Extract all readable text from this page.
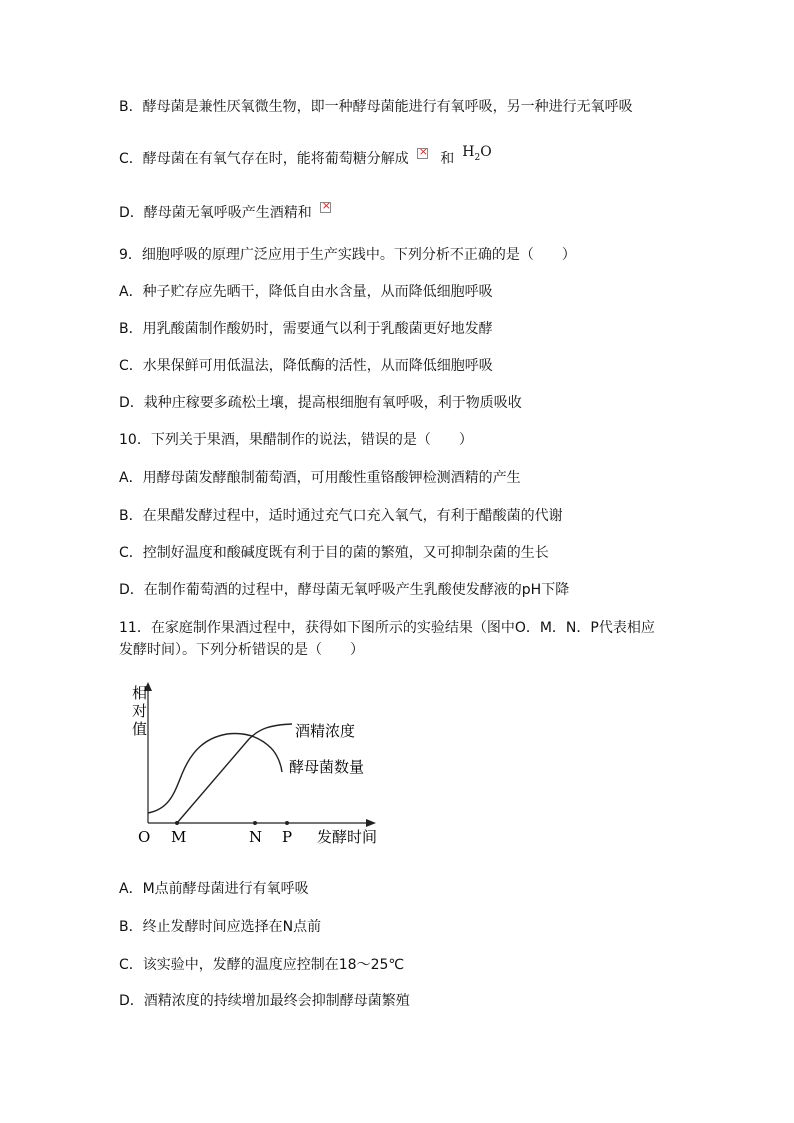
B．酵母菌是兼性厌氧微生物，即一种酵母菌能进行有氧呼吸，另一种进行无氧呼吸
C．酵母菌在有氧气存在时，能将葡萄糖分解成× 和 $H_2O$
D．酵母菌无氧呼吸产生酒精和×
9．细胞呼吸的原理广泛应用于生产实践中。下列分析不正确的是（　　）
A．种子贮存应先晒干，降低自由水含量，从而降低细胞呼吸
B．用乳酸菌制作酸奶时，需要通气以利于乳酸菌更好地发酵
C．水果保鲜可用低温法，降低酶的活性，从而降低细胞呼吸
D．栽种庄稼要多疏松土壤，提高根细胞有氧呼吸，利于物质吸收
10．下列关于果酒，果醋制作的说法，错误的是（　　）
A．用酵母菌发酵酿制葡萄酒，可用酸性重铬酸钾检测酒精的产生
B．在果醋发酵过程中，适时通过充气口充入氧气，有利于醋酸菌的代谢
C．控制好温度和酸碱度既有利于目的菌的繁殖，又可抑制杂菌的生长
D．在制作葡萄酒的过程中，酵母菌无氧呼吸产生乳酸使发酵液的pH下降
11．在家庭制作果酒过程中，获得如下图所示的实验结果（图中O．M．N．P代表相应
发酵时间）。下列分析错误的是（　　）
相
对
值
O M	N P 发酵时间
酒精浓度
酵母菌数量
A．M点前酵母菌进行有氧呼吸
B．终止发酵时间应选择在N点前
C．该实验中，发酵的温度应控制在18～25℃
D．酒精浓度的持续增加最终会抑制酵母菌繁殖
